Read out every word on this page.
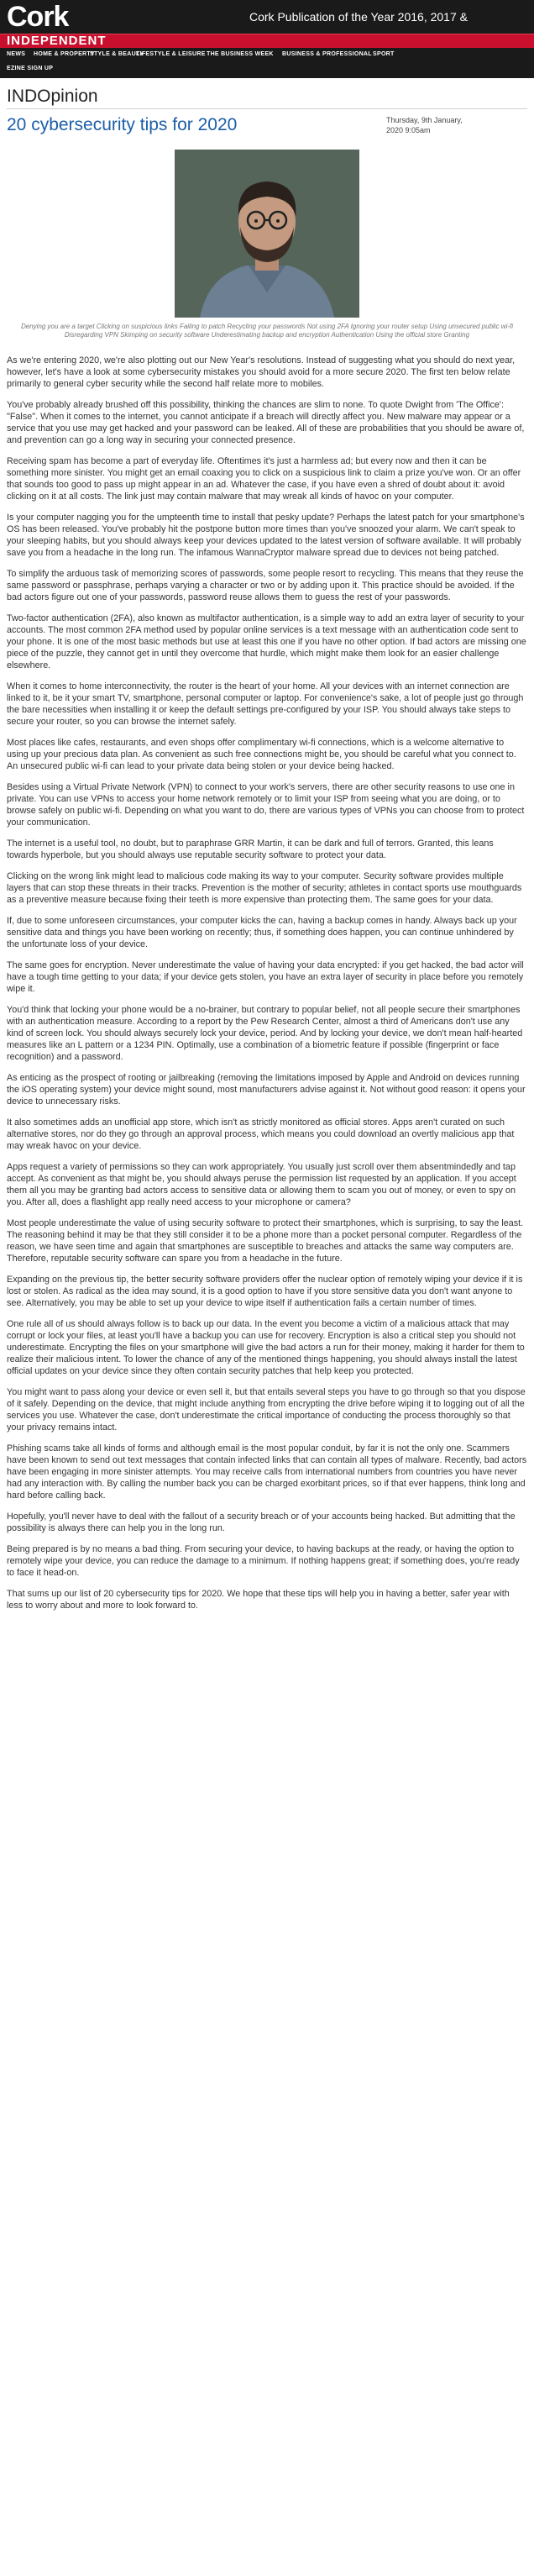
Cork	Cork Publication of the Year 2016, 2017 &
INDEPENDENT
NEWS HOME & PROPERTY
STYLE & BEAUTY
LIFESTYLE & LEISURE THE BUSINESS WEEK BUSINESS & PROFESSIONAL SPORT
EZINE SIGN UP
INDOpinion
20 cybersecurity tips for 2020	Thursday, 9th January,
2020 9:05am
Denying you are a target Clicking on suspicious links Failing to patch Recycling your passwords Not using 2FA Ignoring your router setup Using unsecured public wi-fi Disregarding VPN Skimping on security software Underestimating backup and encryption Authentication Using the official store Granting

As we're entering 2020, we're also plotting out our New Year's resolutions. Instead of suggesting what you should do next year, however, let's have a look at some cybersecurity mistakes you should avoid for a more secure 2020. The first ten below relate primarily to general cyber security while the second half relate more to mobiles.

You've probably already brushed off this possibility, thinking the chances are slim to none. To quote Dwight from 'The Office': "False". When it comes to the internet, you cannot anticipate if a breach will directly affect you. New malware may appear or a service that you use may get hacked and your password can be leaked. All of these are probabilities that you should be aware of, and prevention can go a long way in securing your connected presence.

Receiving spam has become a part of everyday life. Oftentimes it's just a harmless ad; but every now and then it can be something more sinister. You might get an email coaxing you to click on a suspicious link to claim a prize you've won. Or an offer that sounds too good to pass up might appear in an ad. Whatever the case, if you have even a shred of doubt about it: avoid clicking on it at all costs. The link just may contain malware that may wreak all kinds of havoc on your computer.

Is your computer nagging you for the umpteenth time to install that pesky update? Perhaps the latest patch for your smartphone's OS has been released. You've probably hit the postpone button more times than you've snoozed your alarm. We can't speak to your sleeping habits, but you should always keep your devices updated to the latest version of software available. It will probably save you from a headache in the long run. The infamous WannaCryptor malware spread due to devices not being patched.

To simplify the arduous task of memorizing scores of passwords, some people resort to recycling. This means that they reuse the same password or passphrase, perhaps varying a character or two or by adding upon it. This practice should be avoided. If the bad actors figure out one of your passwords, password reuse allows them to guess the rest of your passwords.

Two-factor authentication (2FA), also known as multifactor authentication, is a simple way to add an extra layer of security to your accounts. The most common 2FA method used by popular online services is a text message with an authentication code sent to your phone. It is one of the most basic methods but use at least this one if you have no other option. If bad actors are missing one piece of the puzzle, they cannot get in until they overcome that hurdle, which might make them look for an easier challenge elsewhere.

When it comes to home interconnectivity, the router is the heart of your home. All your devices with an internet connection are linked to it, be it your smart TV, smartphone, personal computer or laptop. For convenience's sake, a lot of people just go through the bare necessities when installing it or keep the default settings pre-configured by your ISP. You should always take steps to secure your router, so you can browse the internet safely.

Most places like cafes, restaurants, and even shops offer complimentary wi-fi connections, which is a welcome alternative to using up your precious data plan. As convenient as such free connections might be, you should be careful what you connect to. An unsecured public wi-fi can lead to your private data being stolen or your device being hacked.

Besides using a Virtual Private Network (VPN) to connect to your work's servers, there are other security reasons to use one in private. You can use VPNs to access your home network remotely or to limit your ISP from seeing what you are doing, or to browse safely on public wi-fi. Depending on what you want to do, there are various types of VPNs you can choose from to protect your communication.

The internet is a useful tool, no doubt, but to paraphrase GRR Martin, it can be dark and full of terrors. Granted, this leans towards hyperbole, but you should always use reputable security software to protect your data.

Clicking on the wrong link might lead to malicious code making its way to your computer. Security software provides multiple layers that can stop these threats in their tracks. Prevention is the mother of security; athletes in contact sports use mouthguards as a preventive measure because fixing their teeth is more expensive than protecting them. The same goes for your data.

If, due to some unforeseen circumstances, your computer kicks the can, having a backup comes in handy. Always back up your sensitive data and things you have been working on recently; thus, if something does happen, you can continue unhindered by the unfortunate loss of your device.

The same goes for encryption. Never underestimate the value of having your data encrypted: if you get hacked, the bad actor will have a tough time getting to your data; if your device gets stolen, you have an extra layer of security in place before you remotely wipe it.

You'd think that locking your phone would be a no-brainer, but contrary to popular belief, not all people secure their smartphones with an authentication measure. According to a report by the Pew Research Center, almost a third of Americans don't use any kind of screen lock. You should always securely lock your device, period. And by locking your device, we don't mean half-hearted measures like an L pattern or a 1234 PIN. Optimally, use a combination of a biometric feature if possible (fingerprint or face recognition) and a password.

As enticing as the prospect of rooting or jailbreaking (removing the limitations imposed by Apple and Android on devices running the iOS operating system) your device might sound, most manufacturers advise against it. Not without good reason: it opens your device to unnecessary risks.

It also sometimes adds an unofficial app store, which isn't as strictly monitored as official stores. Apps aren't curated on such alternative stores, nor do they go through an approval process, which means you could download an overtly malicious app that may wreak havoc on your device.

Apps request a variety of permissions so they can work appropriately. You usually just scroll over them absentmindedly and tap accept. As convenient as that might be, you should always peruse the permission list requested by an application. If you accept them all you may be granting bad actors access to sensitive data or allowing them to scam you out of money, or even to spy on you. After all, does a flashlight app really need access to your microphone or camera?

Most people underestimate the value of using security software to protect their smartphones, which is surprising, to say the least. The reasoning behind it may be that they still consider it to be a phone more than a pocket personal computer. Regardless of the reason, we have seen time and again that smartphones are susceptible to breaches and attacks the same way computers are. Therefore, reputable security software can spare you from a headache in the future.

Expanding on the previous tip, the better security software providers offer the nuclear option of remotely wiping your device if it is lost or stolen. As radical as the idea may sound, it is a good option to have if you store sensitive data you don't want anyone to see. Alternatively, you may be able to set up your device to wipe itself if authentication fails a certain number of times.

One rule all of us should always follow is to back up our data. In the event you become a victim of a malicious attack that may corrupt or lock your files, at least you'll have a backup you can use for recovery. Encryption is also a critical step you should not underestimate. Encrypting the files on your smartphone will give the bad actors a run for their money, making it harder for them to realize their malicious intent. To lower the chance of any of the mentioned things happening, you should always install the latest official updates on your device since they often contain security patches that help keep you protected.

You might want to pass along your device or even sell it, but that entails several steps you have to go through so that you dispose of it safely. Depending on the device, that might include anything from encrypting the drive before wiping it to logging out of all the services you use. Whatever the case, don't underestimate the critical importance of conducting the process thoroughly so that your privacy remains intact.

Phishing scams take all kinds of forms and although email is the most popular conduit, by far it is not the only one. Scammers have been known to send out text messages that contain infected links that can contain all types of malware. Recently, bad actors have been engaging in more sinister attempts. You may receive calls from international numbers from countries you have never had any interaction with. By calling the number back you can be charged exorbitant prices, so if that ever happens, think long and hard before calling back.

Hopefully, you'll never have to deal with the fallout of a security breach or of your accounts being hacked. But admitting that the possibility is always there can help you in the long run.

Being prepared is by no means a bad thing. From securing your device, to having backups at the ready, or having the option to remotely wipe your device, you can reduce the damage to a minimum. If nothing happens great; if something does, you're ready to face it head-on.

That sums up our list of 20 cybersecurity tips for 2020. We hope that these tips will help you in having a better, safer year with less to worry about and more to look forward to.
